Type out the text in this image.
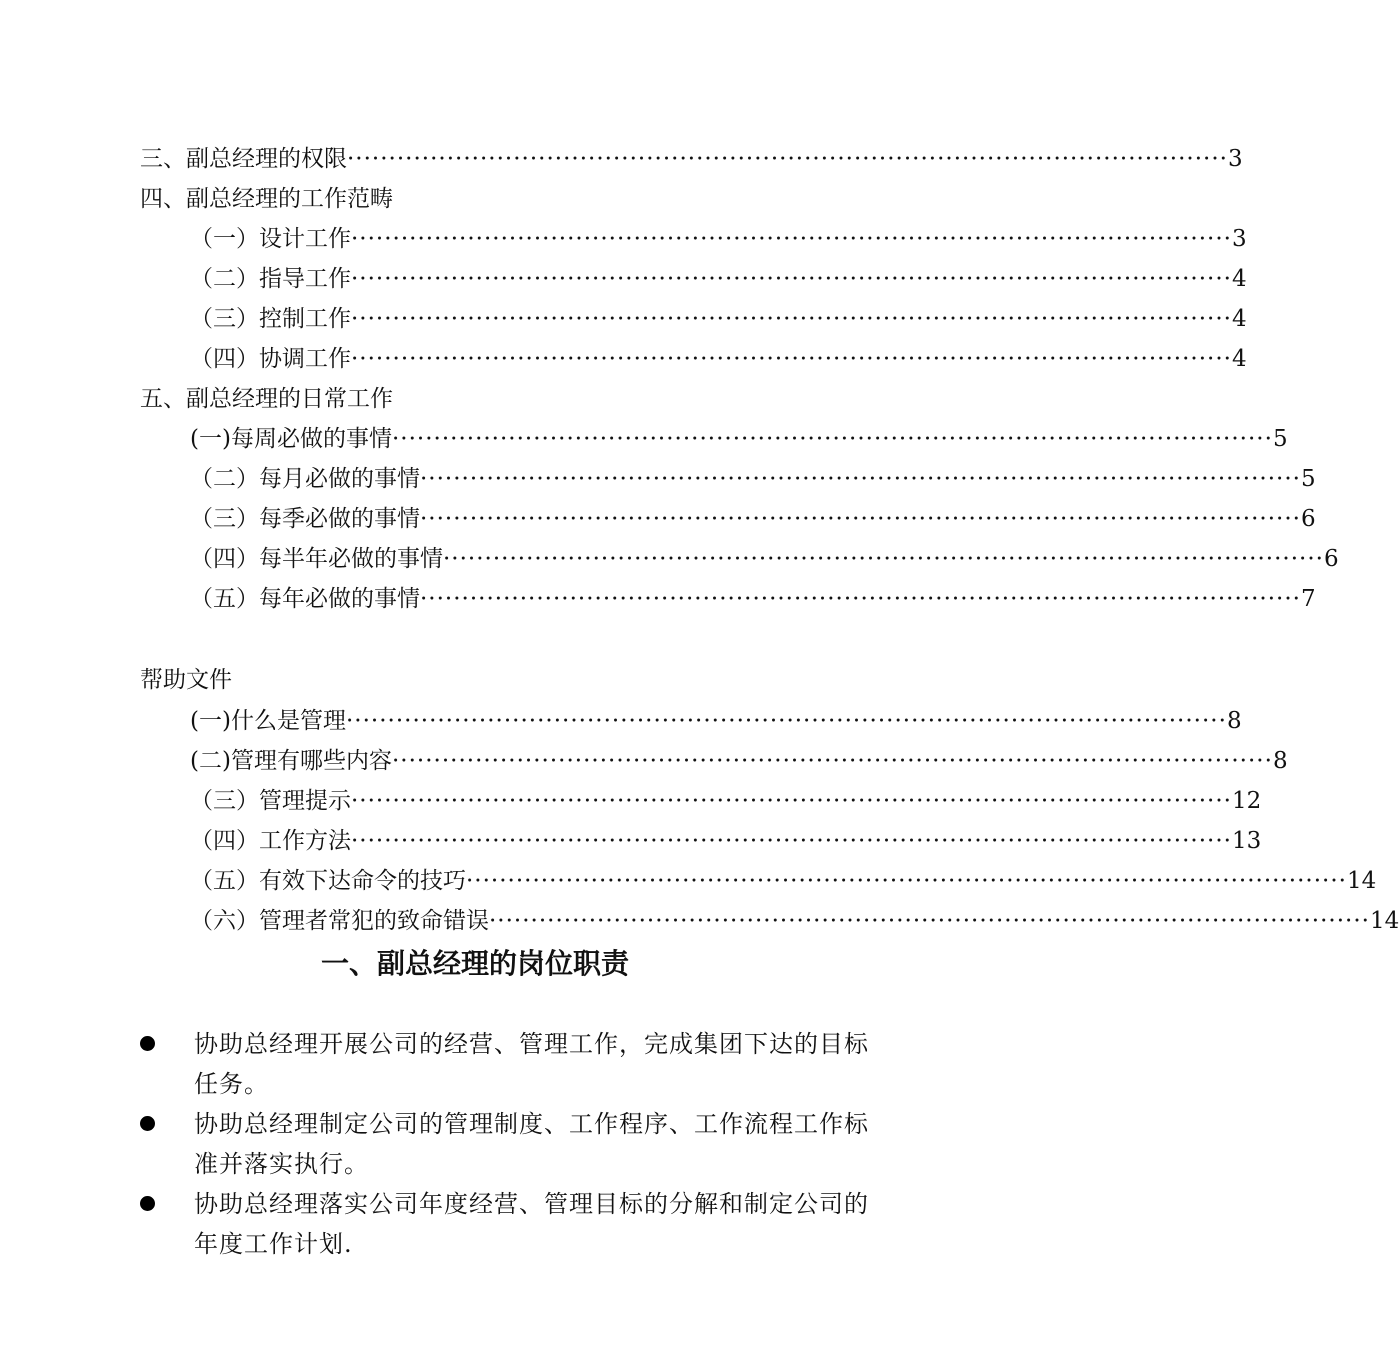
三、副总经理的权限 ·········································································································· 3
四、副总经理的工作范畴
（一）设计工作 ·········································································································· 3
（二）指导工作 ·········································································································· 4
（三）控制工作 ·········································································································· 4
（四）协调工作 ·········································································································· 4
五、副总经理的日常工作
(一)每周必做的事情 ·········································································································· 5
（二）每月必做的事情 ·········································································································· 5
（三）每季必做的事情 ·········································································································· 6
（四）每半年必做的事情 ·········································································································· 6
（五）每年必做的事情 ·········································································································· 7
帮助文件
(一)什么是管理 ·········································································································· 8
(二)管理有哪些内容 ·········································································································· 8
（三）管理提示 ·········································································································· 12
（四）工作方法 ·········································································································· 13
（五）有效下达命令的技巧 ·········································································································· 14
（六）管理者常犯的致命错误 ·········································································································· 14
一、副总经理的岗位职责
协助总经理开展公司的经营、管理工作，完成集团下达的目标任务。
协助总经理制定公司的管理制度、工作程序、工作流程工作标准并落实执行。
协助总经理落实公司年度经营、管理目标的分解和制定公司的年度工作计划.
